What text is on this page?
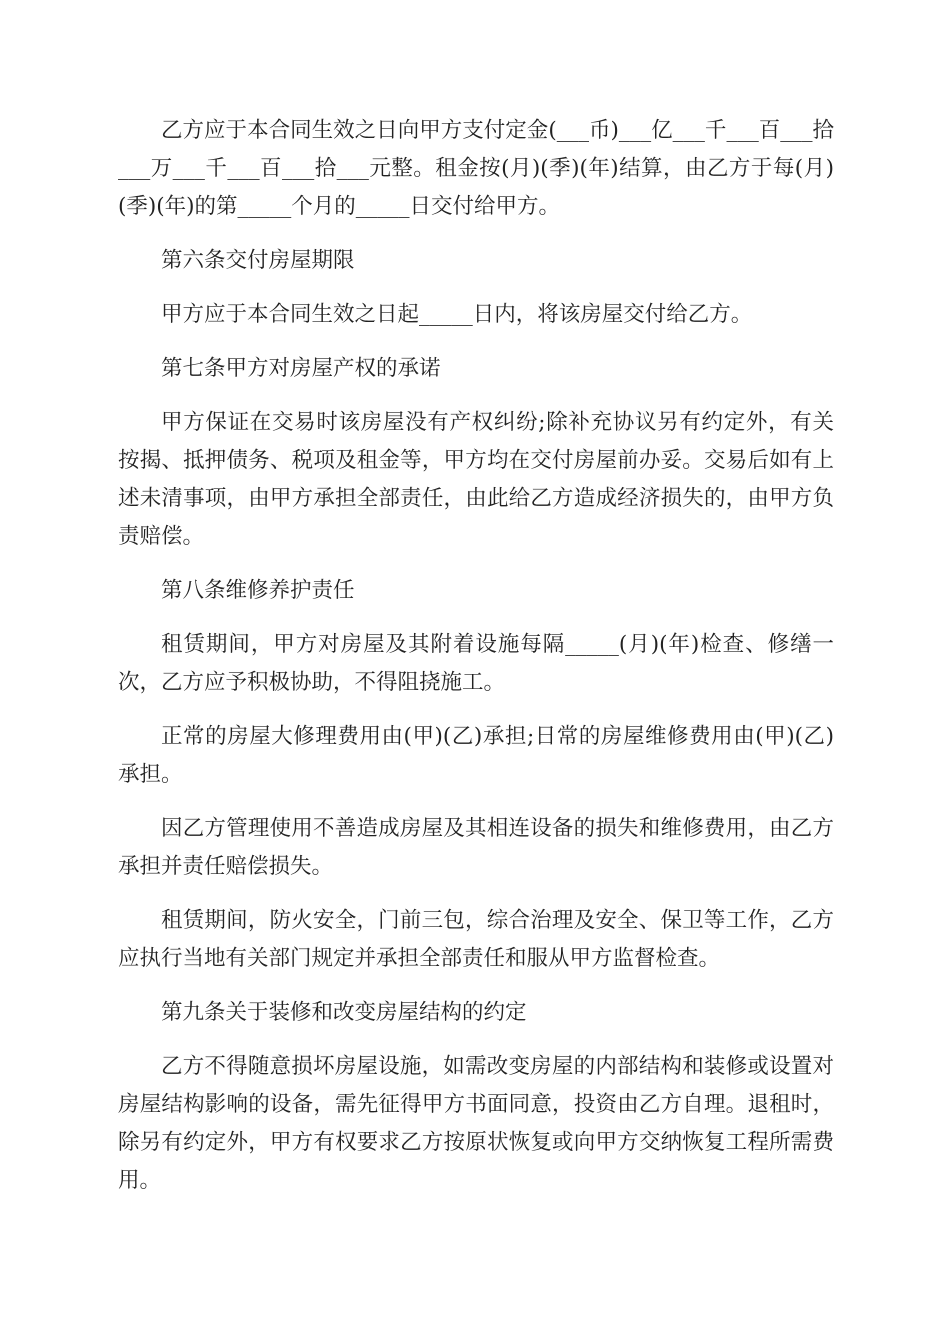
乙方应于本合同生效之日向甲方支付定金(___币)___亿___千___百___拾___万___千___百___拾___元整。租金按(月)(季)(年)结算，由乙方于每(月)(季)(年)的第_____个月的_____日交付给甲方。

第六条交付房屋期限

甲方应于本合同生效之日起_____日内，将该房屋交付给乙方。

第七条甲方对房屋产权的承诺

甲方保证在交易时该房屋没有产权纠纷;除补充协议另有约定外，有关按揭、抵押债务、税项及租金等，甲方均在交付房屋前办妥。交易后如有上述未清事项，由甲方承担全部责任，由此给乙方造成经济损失的，由甲方负责赔偿。

第八条维修养护责任

租赁期间，甲方对房屋及其附着设施每隔_____(月)(年)检查、修缮一次，乙方应予积极协助，不得阻挠施工。

正常的房屋大修理费用由(甲)(乙)承担;日常的房屋维修费用由(甲)(乙)承担。

因乙方管理使用不善造成房屋及其相连设备的损失和维修费用，由乙方承担并责任赔偿损失。

租赁期间，防火安全，门前三包，综合治理及安全、保卫等工作，乙方应执行当地有关部门规定并承担全部责任和服从甲方监督检查。

第九条关于装修和改变房屋结构的约定

乙方不得随意损坏房屋设施，如需改变房屋的内部结构和装修或设置对房屋结构影响的设备，需先征得甲方书面同意，投资由乙方自理。退租时，除另有约定外，甲方有权要求乙方按原状恢复或向甲方交纳恢复工程所需费用。
